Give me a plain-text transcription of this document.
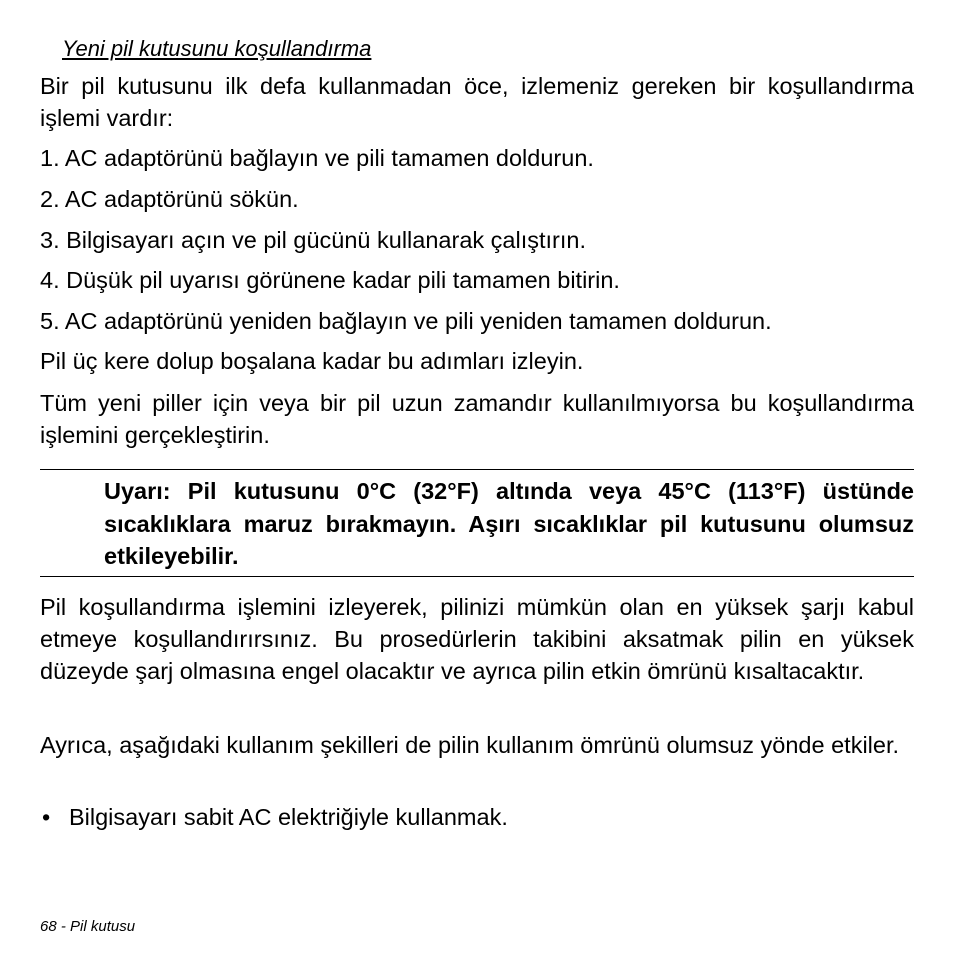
Yeni pil kutusunu koşullandırma

Bir pil kutusunu ilk defa kullanmadan öce, izlemeniz gereken bir koşullandırma işlemi vardır:

1. AC adaptörünü bağlayın ve pili tamamen doldurun.

2. AC adaptörünü sökün.

3. Bilgisayarı açın ve pil gücünü kullanarak çalıştırın.

4. Düşük pil uyarısı görünene kadar pili tamamen bitirin.

5. AC adaptörünü yeniden bağlayın ve pili yeniden tamamen doldurun.

Pil üç kere dolup boşalana kadar bu adımları izleyin.

Tüm yeni piller için veya bir pil uzun zamandır kullanılmıyorsa bu koşullandırma işlemini gerçekleştirin.

Uyarı: Pil kutusunu 0°C (32°F) altında veya 45°C (113°F) üstünde sıcaklıklara maruz bırakmayın. Aşırı sıcaklıklar pil kutusunu olumsuz etkileyebilir.

Pil koşullandırma işlemini izleyerek, pilinizi mümkün olan en yüksek şarjı kabul etmeye koşullandırırsınız. Bu prosedürlerin takibini aksatmak pilin en yüksek düzeyde şarj olmasına engel olacaktır ve ayrıca pilin etkin ömrünü kısaltacaktır.

Ayrıca, aşağıdaki kullanım şekilleri de pilin kullanım ömrünü olumsuz yönde etkiler.

• Bilgisayarı sabit AC elektriğiyle kullanmak.
68 - Pil kutusu
